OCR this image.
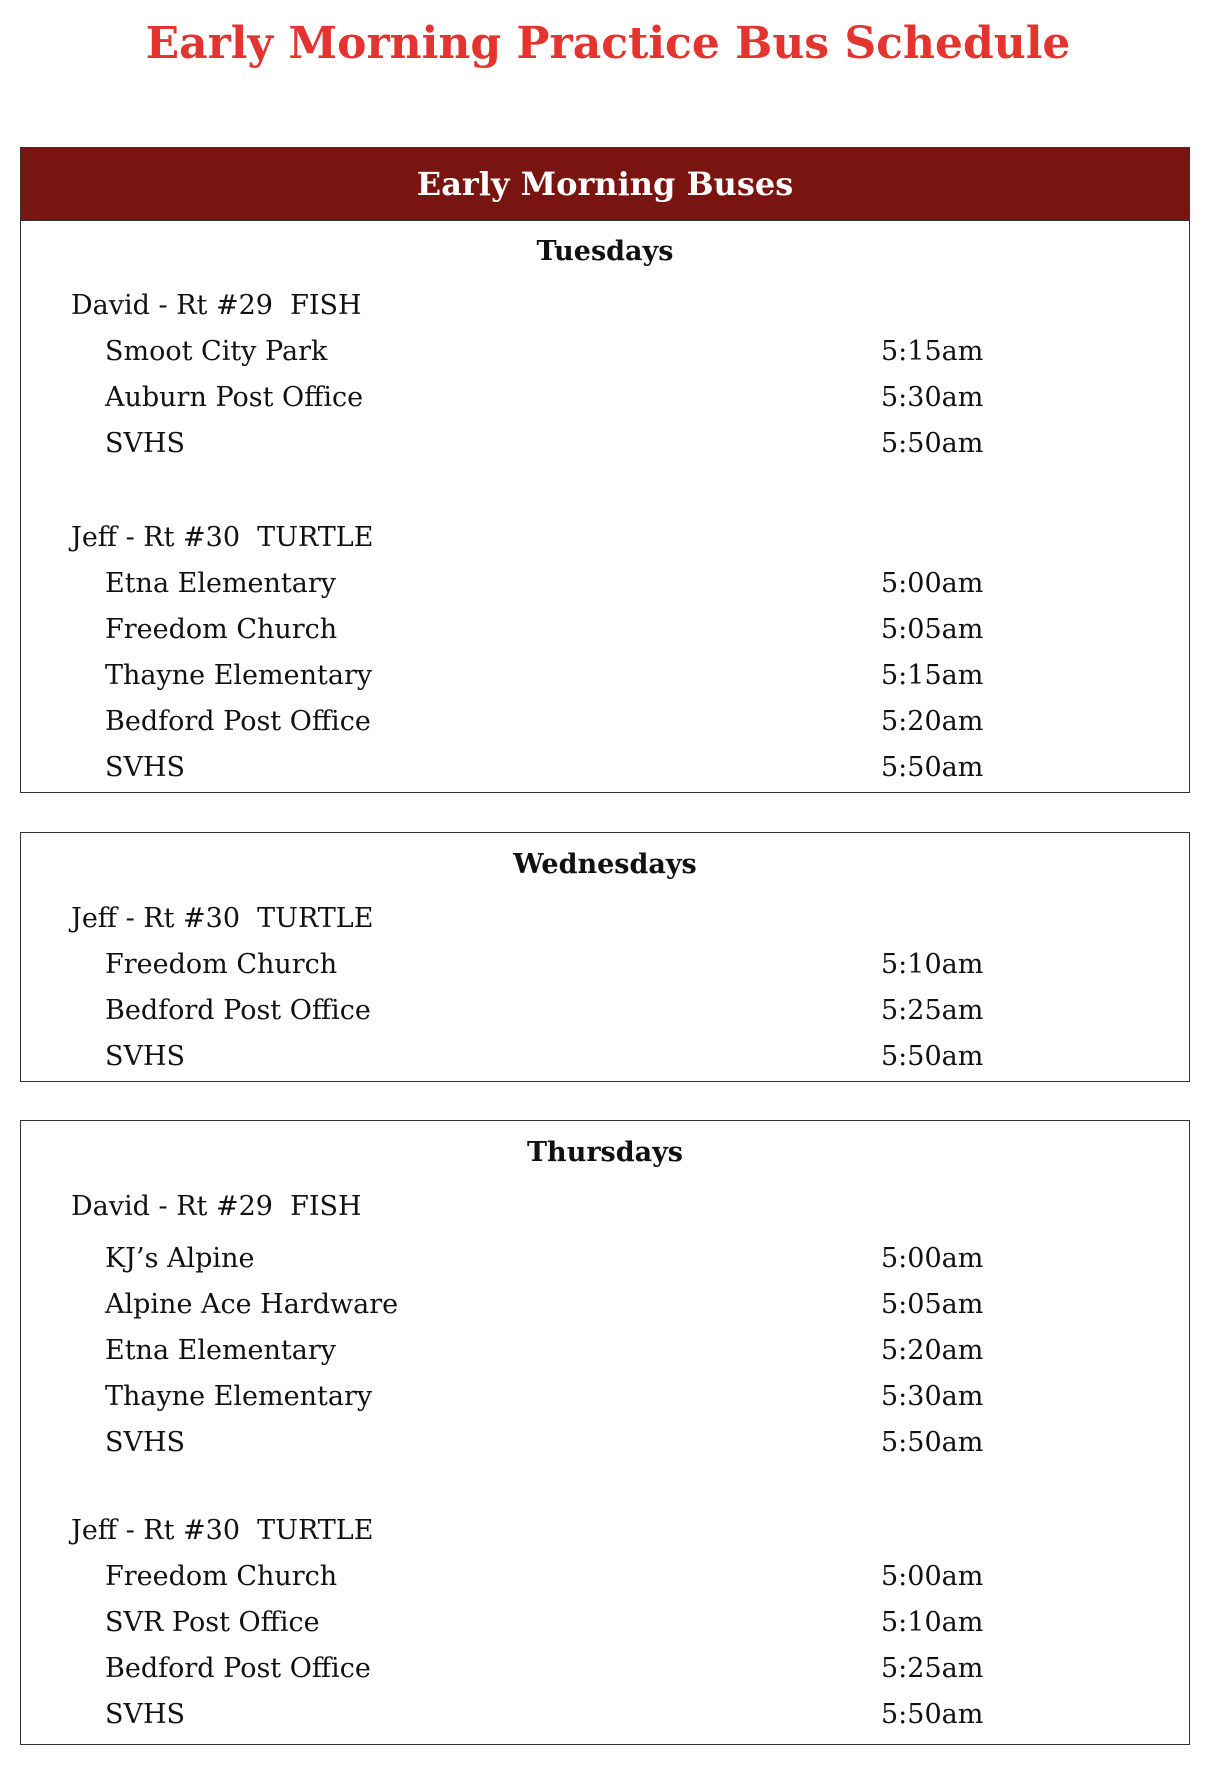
Early Morning Practice Bus Schedule
Early Morning Buses
Tuesdays
David - Rt #29  FISH
Smoot City Park	5:15am
Auburn Post Office	5:30am
SVHS	5:50am
Jeff - Rt #30  TURTLE
Etna Elementary	5:00am
Freedom Church	5:05am
Thayne Elementary	5:15am
Bedford Post Office	5:20am
SVHS	5:50am
Wednesdays
Jeff - Rt #30  TURTLE
Freedom Church	5:10am
Bedford Post Office	5:25am
SVHS	5:50am
Thursdays
David - Rt #29  FISH
KJ’s Alpine	5:00am
Alpine Ace Hardware	5:05am
Etna Elementary	5:20am
Thayne Elementary	5:30am
SVHS	5:50am
Jeff - Rt #30  TURTLE
Freedom Church	5:00am
SVR Post Office	5:10am
Bedford Post Office	5:25am
SVHS	5:50am
